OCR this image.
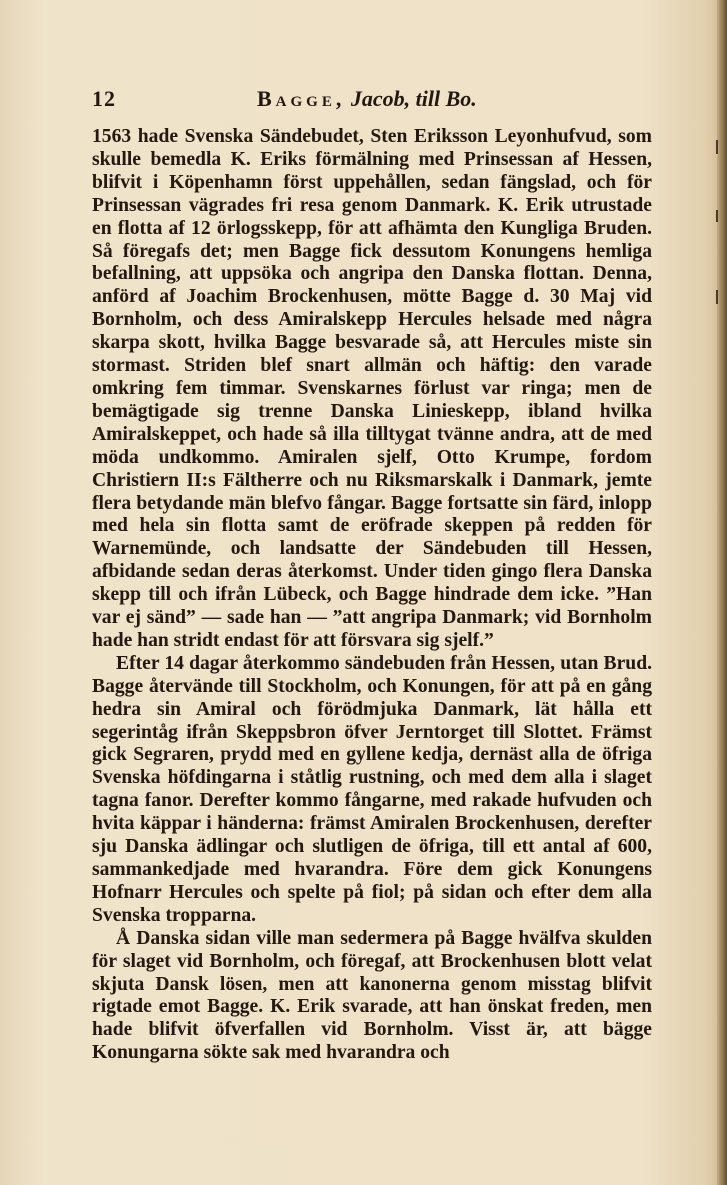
12	Bagge, Jacob, till Bo.

1563 hade Svenska Sändebudet, Sten Eriksson Leyonhufvud, som skulle bemedla K. Eriks förmälning med Prinsessan af Hessen, blifvit i Köpenhamn först uppehållen, sedan fängslad, och för Prinsessan vägrades fri resa genom Danmark. K. Erik utrustade en flotta af 12 örlogsskepp, för att afhämta den Kungliga Bruden. Så föregafs det; men Bagge fick dessutom Konungens hemliga befallning, att uppsöka och angripa den Danska flottan. Denna, anförd af Joachim Brockenhusen, mötte Bagge d. 30 Maj vid Bornholm, och dess Amiralskepp Hercules helsade med några skarpa skott, hvilka Bagge besvarade så, att Hercules miste sin stormast. Striden blef snart allmän och häftig: den varade omkring fem timmar. Svenskarnes förlust var ringa; men de bemägtigade sig trenne Danska Linieskepp, ibland hvilka Amiralskeppet, och hade så illa tilltygat tvänne andra, att de med möda undkommo. Amiralen sjelf, Otto Krumpe, fordom Christiern II:s Fältherre och nu Riksmarskalk i Danmark, jemte flera betydande män blefvo fångar. Bagge fortsatte sin färd, inlopp med hela sin flotta samt de eröfrade skeppen på redden för Warnemünde, och landsatte der Sändebuden till Hessen, afbidande sedan deras återkomst. Under tiden gingo flera Danska skepp till och ifrån Lübeck, och Bagge hindrade dem icke. ”Han var ej sänd” — sade han — ”att angripa Danmark; vid Bornholm hade han stridt endast för att försvara sig sjelf.”

Efter 14 dagar återkommo sändebuden från Hessen, utan Brud. Bagge återvände till Stockholm, och Konungen, för att på en gång hedra sin Amiral och förödmjuka Danmark, lät hålla ett segerintåg ifrån Skeppsbron öfver Jerntorget till Slottet. Främst gick Segraren, prydd med en gyllene kedja, dernäst alla de öfriga Svenska höfdingarna i ståtlig rustning, och med dem alla i slaget tagna fanor. Derefter kommo fångarne, med rakade hufvuden och hvita käppar i händerna: främst Amiralen Brockenhusen, derefter sju Danska ädlingar och slutligen de öfriga, till ett antal af 600, sammankedjade med hvarandra. Före dem gick Konungens Hofnarr Hercules och spelte på fiol; på sidan och efter dem alla Svenska tropparna.

Å Danska sidan ville man sedermera på Bagge hvälfva skulden för slaget vid Bornholm, och föregaf, att Brockenhusen blott velat skjuta Dansk lösen, men att kanonerna genom misstag blifvit rigtade emot Bagge. K. Erik svarade, att han önskat freden, men hade blifvit öfverfallen vid Bornholm. Visst är, att bägge Konungarna sökte sak med hvarandra och
